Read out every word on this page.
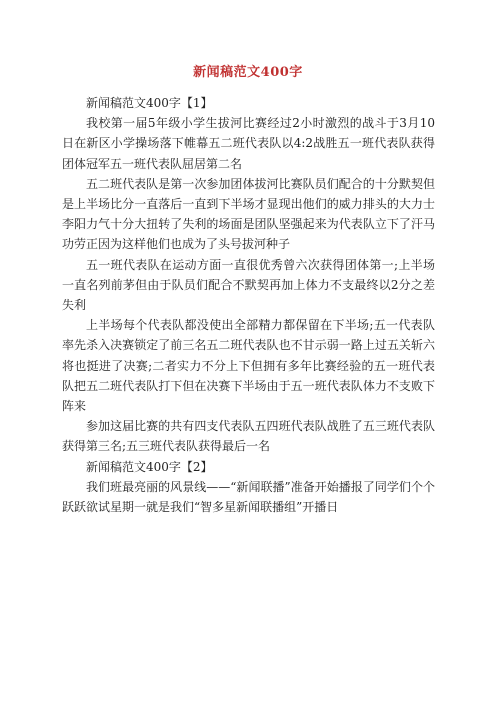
新闻稿范文400字

新闻稿范文400字【1】

我校第一届5年级小学生拔河比赛经过2小时激烈的战斗于3月10日在新区小学操场落下帷幕五二班代表队以4:2战胜五一班代表队获得团体冠军五一班代表队屈居第二名

五二班代表队是第一次参加团体拔河比赛队员们配合的十分默契但是上半场比分一直落后一直到下半场才显现出他们的威力排头的大力士李阳力气十分大扭转了失利的场面是团队坚强起来为代表队立下了汗马功劳正因为这样他们也成为了头号拔河种子

五一班代表队在运动方面一直很优秀曾六次获得团体第一;上半场一直名列前茅但由于队员们配合不默契再加上体力不支最终以2分之差失利

上半场每个代表队都没使出全部精力都保留在下半场;五一代表队率先杀入决赛锁定了前三名五二班代表队也不甘示弱一路上过五关斩六将也挺进了决赛;二者实力不分上下但拥有多年比赛经验的五一班代表队把五二班代表队打下但在决赛下半场由于五一班代表队体力不支败下阵来

参加这届比赛的共有四支代表队五四班代表队战胜了五三班代表队获得第三名;五三班代表队获得最后一名

新闻稿范文400字【2】

我们班最亮丽的风景线——“新闻联播”准备开始播报了同学们个个跃跃欲试星期一就是我们“智多星新闻联播组”开播日
